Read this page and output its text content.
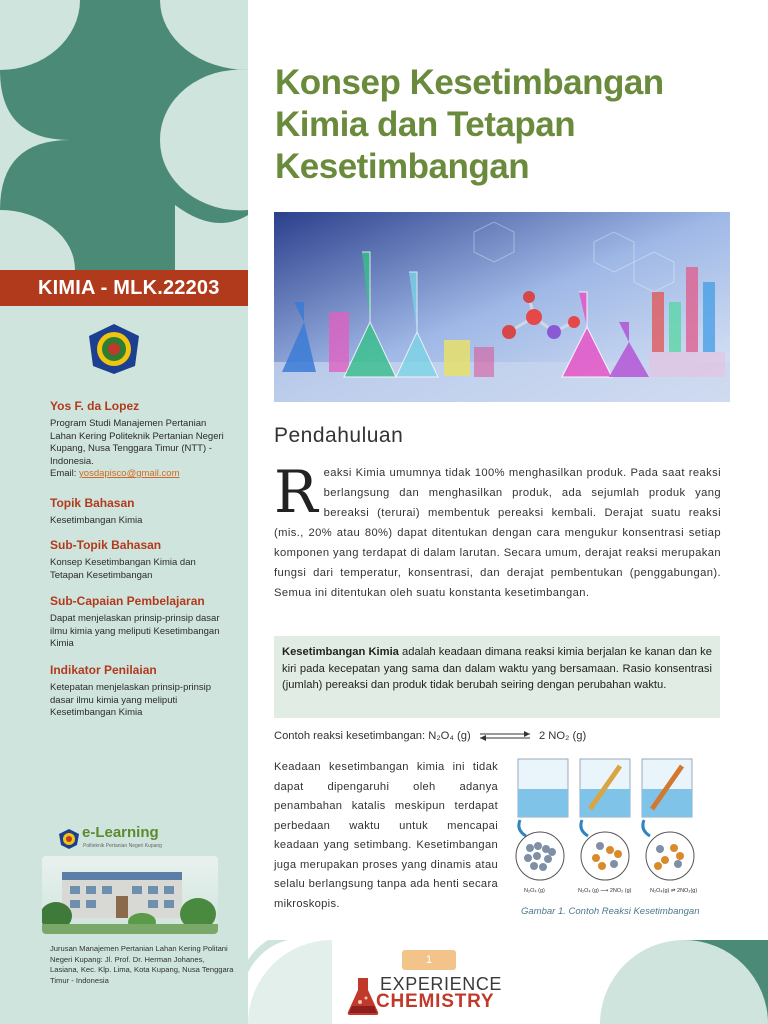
KIMIA - MLK.22203

Yos F. da Lopez

Program Studi Manajemen Pertanian Lahan Kering Politeknik Pertanian Negeri Kupang, Nusa Tenggara Timur (NTT) - Indonesia.
Email: yosdapisco@gmail.com

Topik Bahasan

Kesetimbangan Kimia

Sub-Topik Bahasan

Konsep Kesetimbangan Kimia dan Tetapan Kesetimbangan

Sub-Capaian Pembelajaran

Dapat menjelaskan prinsip-prinsip dasar ilmu kimia yang meliputi Kesetimbangan Kimia

Indikator Penilaian

Ketepatan menjelaskan prinsip-prinsip dasar ilmu kimia yang meliputi Kesetimbangan Kimia

e-Learning
Politeknik Pertanian Negeri Kupang
Jurusan Manajemen Pertanian Lahan Kering Politani Negeri Kupang: Jl. Prof. Dr. Herman Johanes, Lasiana, Kec. Klp. Lima, Kota Kupang, Nusa Tenggara Timur - Indonesia
Konsep Kesetimbangan Kimia dan Tetapan Kesetimbangan
Pendahuluan
R eaksi Kimia umumnya tidak 100% menghasilkan produk. Pada saat reaksi berlangsung dan menghasilkan produk, ada sejumlah produk yang bereaksi (terurai) membentuk pereaksi kembali. Derajat suatu reaksi (mis., 20% atau 80%) dapat ditentukan dengan cara mengukur konsentrasi setiap komponen yang terdapat di dalam larutan. Secara umum, derajat reaksi merupakan fungsi dari temperatur, konsentrasi, dan derajat pembentukan (penggabungan). Semua ini ditentukan oleh suatu konstanta kesetimbangan.

Kesetimbangan Kimia adalah keadaan dimana reaksi kimia berjalan ke kanan dan ke kiri pada kecepatan yang sama dan dalam waktu yang bersamaan. Rasio konsentrasi (jumlah) pereaksi dan produk tidak berubah seiring dengan perubahan waktu.
Contoh reaksi kesetimbangan: N₂O₄ (g)	2 NO₂ (g)
Keadaan kesetimbangan kimia ini tidak dapat dipengaruhi oleh adanya penambahan katalis meskipun terdapat perbedaan waktu untuk mencapai keadaan yang setimbang. Kesetimbangan juga merupakan proses yang dinamis atau selalu berlangsung tanpa ada henti secara mikroskopis.
N₂O₄ (g)	N₂O₄ (g) ⟶ 2NO₂ (g)	N₂O₄(g) ⇌ 2NO₂(g)
Gambar 1. Contoh Reaksi Kesetimbangan
1
EXPERIENCE
CHEMISTRY
